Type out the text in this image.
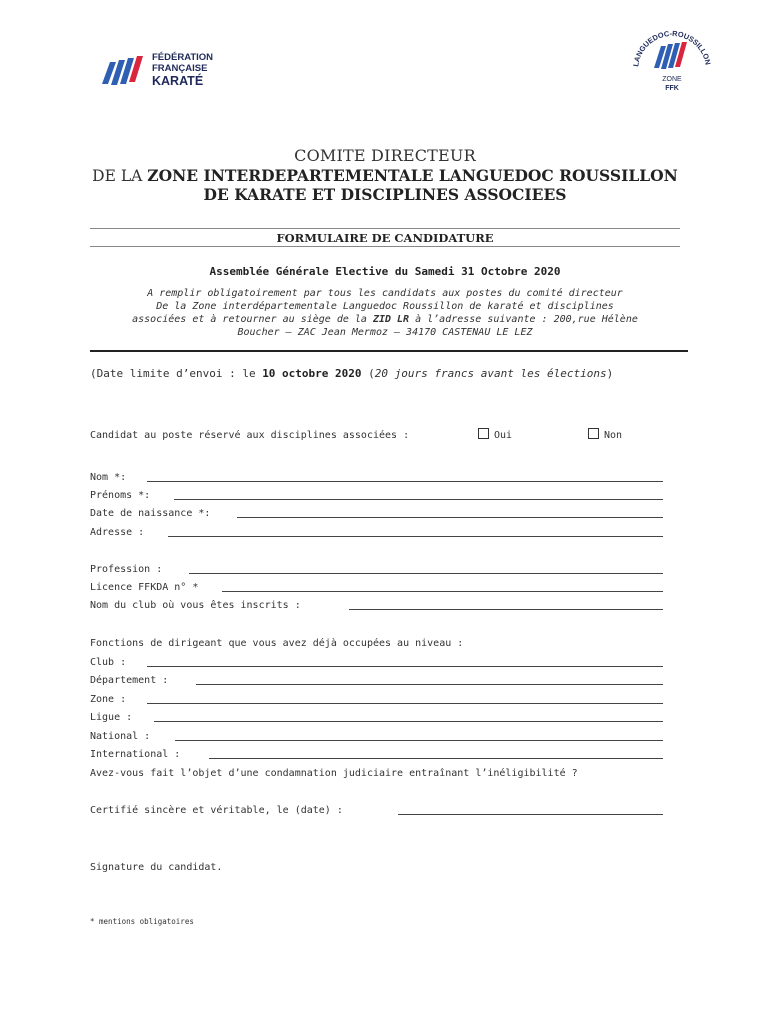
FÉDÉRATION
FRANÇAISE
KARATÉ
LANGUEDOC-ROUSSILLON
ZONE
FFK
COMITE DIRECTEUR
DE LA ZONE INTERDEPARTEMENTALE LANGUEDOC ROUSSILLON
DE KARATE ET DISCIPLINES ASSOCIEES
FORMULAIRE DE CANDIDATURE
Assemblée Générale Elective du Samedi 31 Octobre 2020
A remplir obligatoirement par tous les candidats aux postes du comité directeur
De la Zone interdépartementale Languedoc Roussillon de karaté et disciplines
associées et à retourner au siège de la ZID LR à l’adresse suivante : 200,rue Hélène
Boucher – ZAC Jean Mermoz – 34170 CASTENAU LE LEZ
(Date limite d’envoi : le 10 octobre 2020 (20 jours francs avant les élections)
Candidat au poste réservé aux disciplines associées :	Oui	Non
Nom *:
Prénoms *:
Date de naissance *:
Adresse :
Profession :
Licence FFKDA n° *
Nom du club où vous êtes inscrits :
Fonctions de dirigeant que vous avez déjà occupées au niveau :
Club :
Département :
Zone :
Ligue :
National :
International :
Avez-vous fait l’objet d’une condamnation judiciaire entraînant l’inéligibilité ?
Certifié sincère et véritable, le (date) :
Signature du candidat.
* mentions obligatoires
